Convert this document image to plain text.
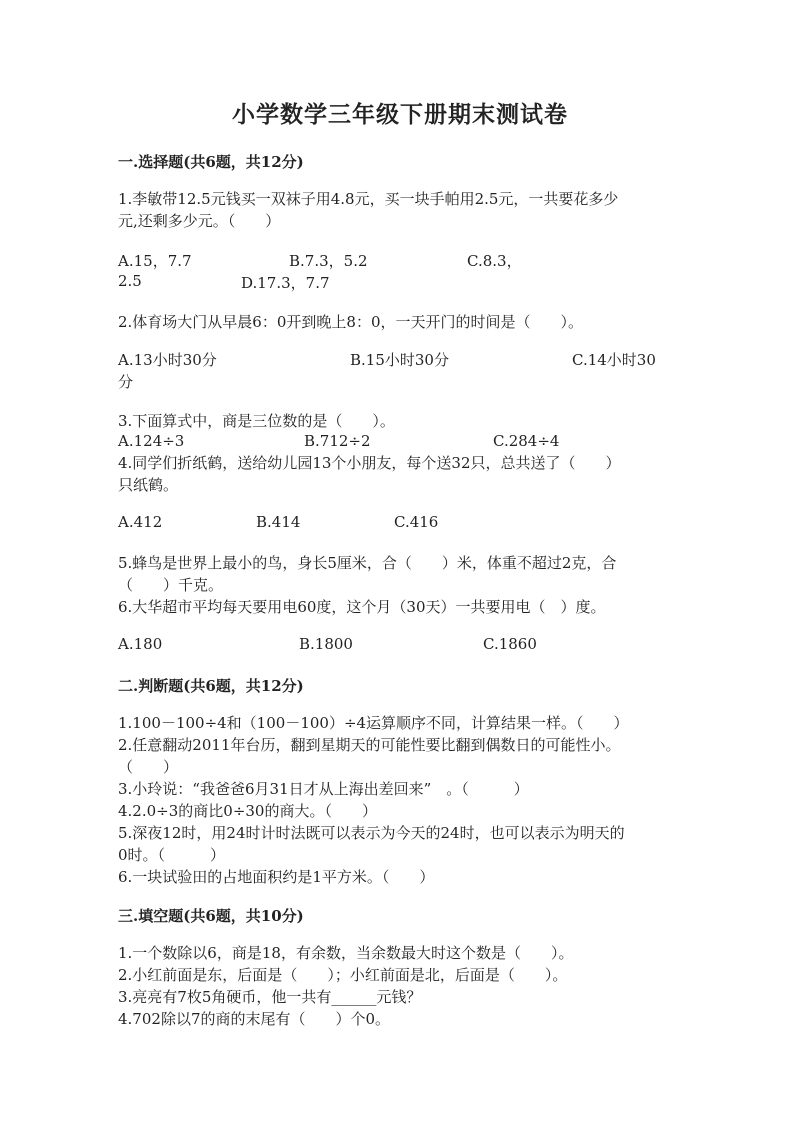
小学数学三年级下册期末测试卷
一.选择题(共6题，共12分)
1.李敏带12.5元钱买一双袜子用4.8元，买一块手帕用2.5元，一共要花多少
元,还剩多少元。（　　）
A.15，7.7	B.7.3，5.2	C.8.3，
2.5	D.17.3，7.7
2.体育场大门从早晨6：0开到晚上8：0，一天开门的时间是（　　）。
A.13小时30分	B.15小时30分	C.14小时30
分
3.下面算式中，商是三位数的是（　　）。
A.124÷3	B.712÷2	C.284÷4
4.同学们折纸鹤，送给幼儿园13个小朋友，每个送32只，总共送了（　　）
只纸鹤。
A.412	B.414	C.416
5.蜂鸟是世界上最小的鸟，身长5厘米，合（　　）米，体重不超过2克，合
（　　）千克。
6.大华超市平均每天要用电60度，这个月（30天）一共要用电（　）度。
A.180	B.1800	C.1860
二.判断题(共6题，共12分)
1.100－100÷4和（100－100）÷4运算顺序不同，计算结果一样。（　　）
2.任意翻动2011年台历，翻到星期天的可能性要比翻到偶数日的可能性小。
（　　）
3.小玲说：“我爸爸6月31日才从上海出差回来”　。（　　　）
4.2.0÷3的商比0÷30的商大。（　　）
5.深夜12时，用24时计时法既可以表示为今天的24时，也可以表示为明天的
0时。（　　　）
6.一块试验田的占地面积约是1平方米。（　　）
三.填空题(共6题，共10分)
1.一个数除以6，商是18，有余数，当余数最大时这个数是（　　）。
2.小红前面是东，后面是（　　）；小红前面是北，后面是（　　）。
3.亮亮有7枚5角硬币，他一共有______元钱？
4.702除以7的商的末尾有（　　）个0。
